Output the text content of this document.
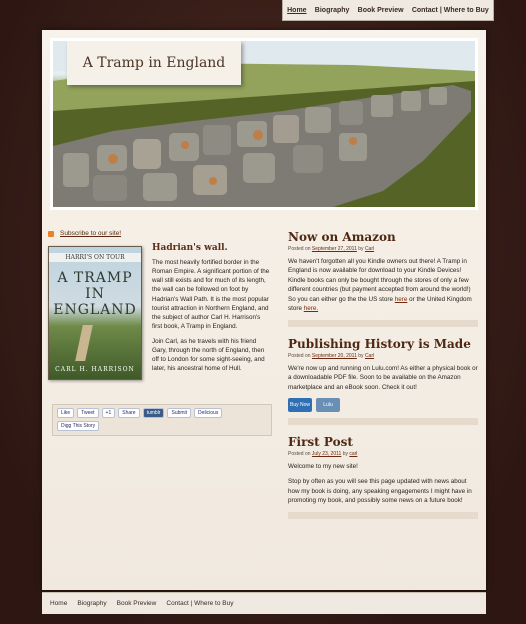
Home Biography Book Preview Contact | Where to Buy
A Tramp in England
Subscribe to our site!
HARRI'S ON TOUR
A TRAMP
IN
ENGLAND
CARL H. HARRISON
Hadrian's wall.

The most heavily fortified border in the Roman Empire. A significant portion of the wall still exists and for much of its length, the wall can be followed on foot by Hadrian's Wall Path. It is the most popular tourist attraction in Northern England, and the subject of author Carl H. Harrison's first book, A Tramp in England.

Join Carl, as he travels with his friend Gary, through the north of England, then off to London for some sight-seeing, and later, his ancestral home of Hull.

Like	Tweet	+1	Share	tumblr	Submit	Delicious
Digg This Story
Now on Amazon
Posted on September 27, 2011 by Carl

We haven't forgotten all you Kindle owners out there! A Tramp in England is now available for download to your Kindle Devices! Kindle books can only be bought through the stores of only a few different countries (but payment accepted from around the world!) So you can either go the the US store here or the United Kingdom store here.

Publishing History is Made
Posted on September 20, 2011 by Carl

We're now up and running on Lulu.com! As either a physical book or a downloadable PDF file. Soon to be available on the Amazon marketplace and an eBook soon. Check it out!

Buy Now	Lulu
First Post
Posted on July 23, 2011 by carl

Welcome to my new site!

Stop by often as you will see this page updated with news about how my book is doing, any speaking engagements I might have in promoting my book, and possibly some news on a future book!

Home Biography Book Preview Contact | Where to Buy
